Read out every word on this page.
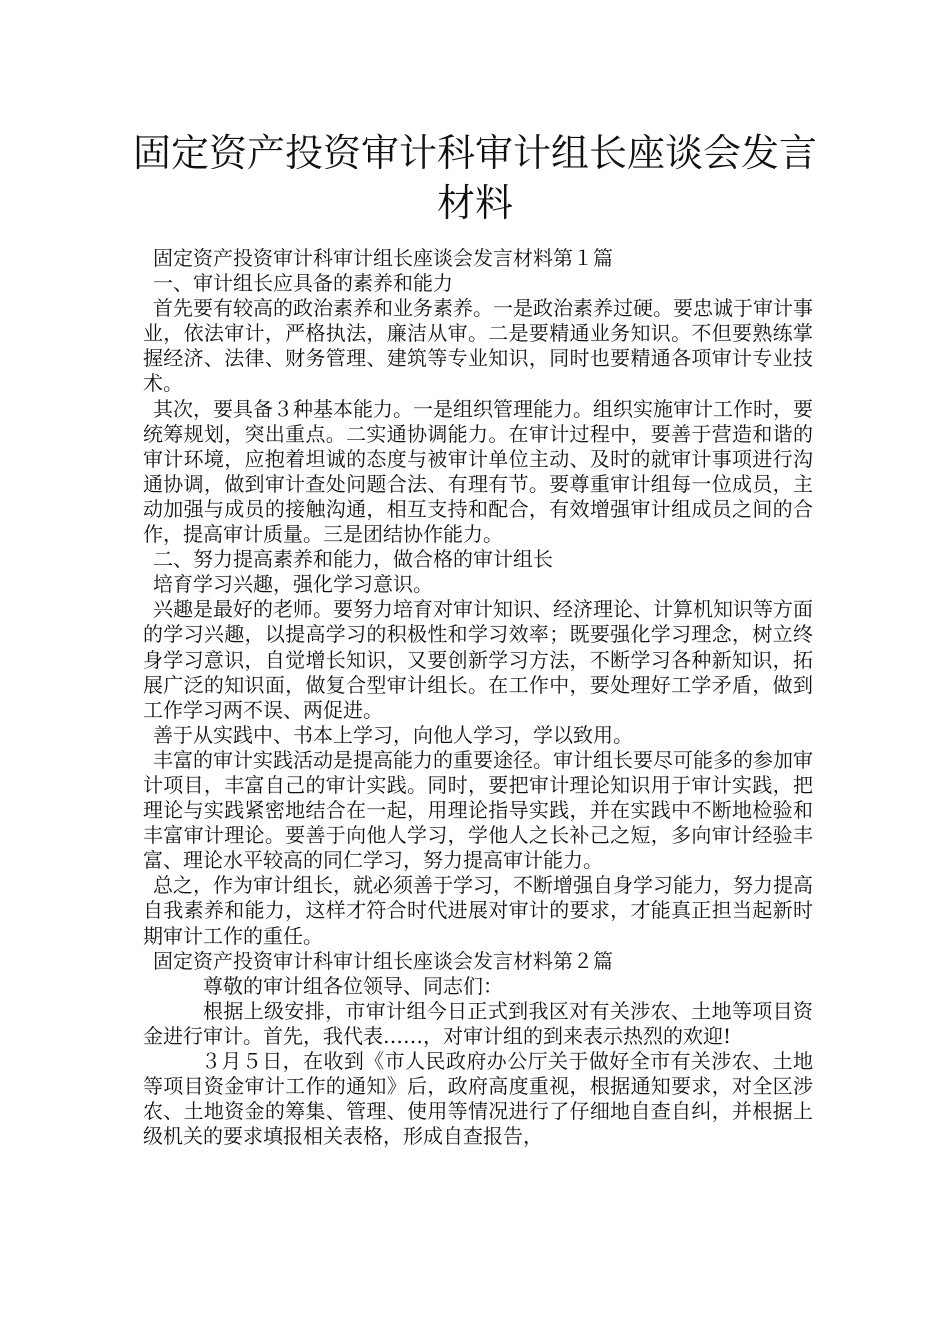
固定资产投资审计科审计组长座谈会发言材料

固定资产投资审计科审计组长座谈会发言材料第１篇

一、审计组长应具备的素养和能力

首先要有较高的政治素养和业务素养。一是政治素养过硬。要忠诚于审计事业，依法审计，严格执法，廉洁从审。二是要精通业务知识。不但要熟练掌握经济、法律、财务管理、建筑等专业知识，同时也要精通各项审计专业技术。

其次，要具备３种基本能力。一是组织管理能力。组织实施审计工作时，要统筹规划，突出重点。二实通协调能力。在审计过程中，要善于营造和谐的审计环境，应抱着坦诚的态度与被审计单位主动、及时的就审计事项进行沟通协调，做到审计查处问题合法、有理有节。要尊重审计组每一位成员，主动加强与成员的接触沟通，相互支持和配合，有效增强审计组成员之间的合作，提高审计质量。三是团结协作能力。

二、努力提高素养和能力，做合格的审计组长

培育学习兴趣，强化学习意识。

兴趣是最好的老师。要努力培育对审计知识、经济理论、计算机知识等方面的学习兴趣，以提高学习的积极性和学习效率；既要强化学习理念，树立终身学习意识，自觉增长知识，又要创新学习方法，不断学习各种新知识，拓展广泛的知识面，做复合型审计组长。在工作中，要处理好工学矛盾，做到工作学习两不误、两促进。

善于从实践中、书本上学习，向他人学习，学以致用。

丰富的审计实践活动是提高能力的重要途径。审计组长要尽可能多的参加审计项目，丰富自己的审计实践。同时，要把审计理论知识用于审计实践，把理论与实践紧密地结合在一起，用理论指导实践，并在实践中不断地检验和丰富审计理论。要善于向他人学习，学他人之长补己之短，多向审计经验丰富、理论水平较高的同仁学习，努力提高审计能力。

总之，作为审计组长，就必须善于学习，不断增强自身学习能力，努力提高自我素养和能力，这样才符合时代进展对审计的要求，才能真正担当起新时期审计工作的重任。

固定资产投资审计科审计组长座谈会发言材料第２篇

尊敬的审计组各位领导、同志们：

根据上级安排，市审计组今日正式到我区对有关涉农、土地等项目资金进行审计。首先，我代表……，对审计组的到来表示热烈的欢迎!

３月５日，在收到《市人民政府办公厅关于做好全市有关涉农、土地等项目资金审计工作的通知》后，政府高度重视，根据通知要求，对全区涉农、土地资金的筹集、管理、使用等情况进行了仔细地自查自纠，并根据上级机关的要求填报相关表格，形成自查报告，
